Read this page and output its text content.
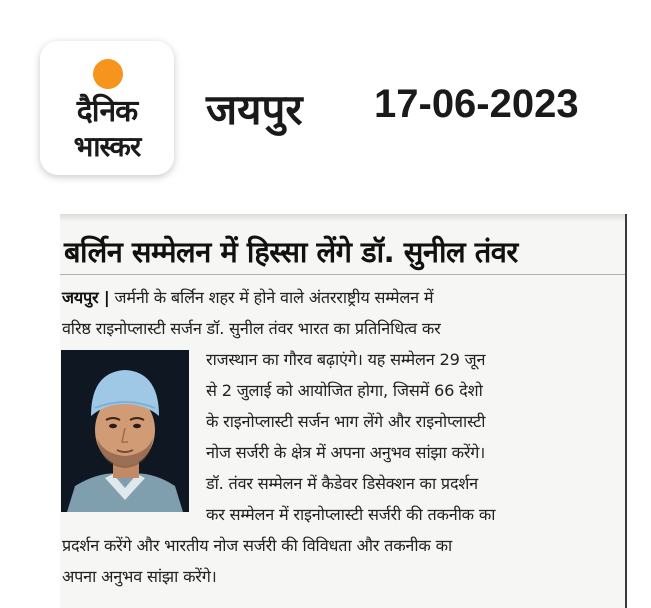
दैनिक
भास्कर
जयपुर 17-06-2023
बर्लिन सम्मेलन में हिस्सा लेंगे डॉ. सुनील तंवर
जयपुर | जर्मनी के बर्लिन शहर में होने वाले अंतरराष्ट्रीय सम्मेलन में
वरिष्ठ राइनोप्लास्टी सर्जन डॉ. सुनील तंवर भारत का प्रतिनिधित्व कर
राजस्थान का गौरव बढ़ाएंगे। यह सम्मेलन 29 जून
से 2 जुलाई को आयोजित होगा, जिसमें 66 देशो
के राइनोप्लास्टी सर्जन भाग लेंगे और राइनोप्लास्टी
नोज सर्जरी के क्षेत्र में अपना अनुभव सांझा करेंगे।
डॉ. तंवर सम्मेलन में कैडेवर डिसेक्शन का प्रदर्शन
कर सम्मेलन में राइनोप्लास्टी सर्जरी की तकनीक का
प्रदर्शन करेंगे और भारतीय नोज सर्जरी की विविधता और तकनीक का
अपना अनुभव सांझा करेंगे।
